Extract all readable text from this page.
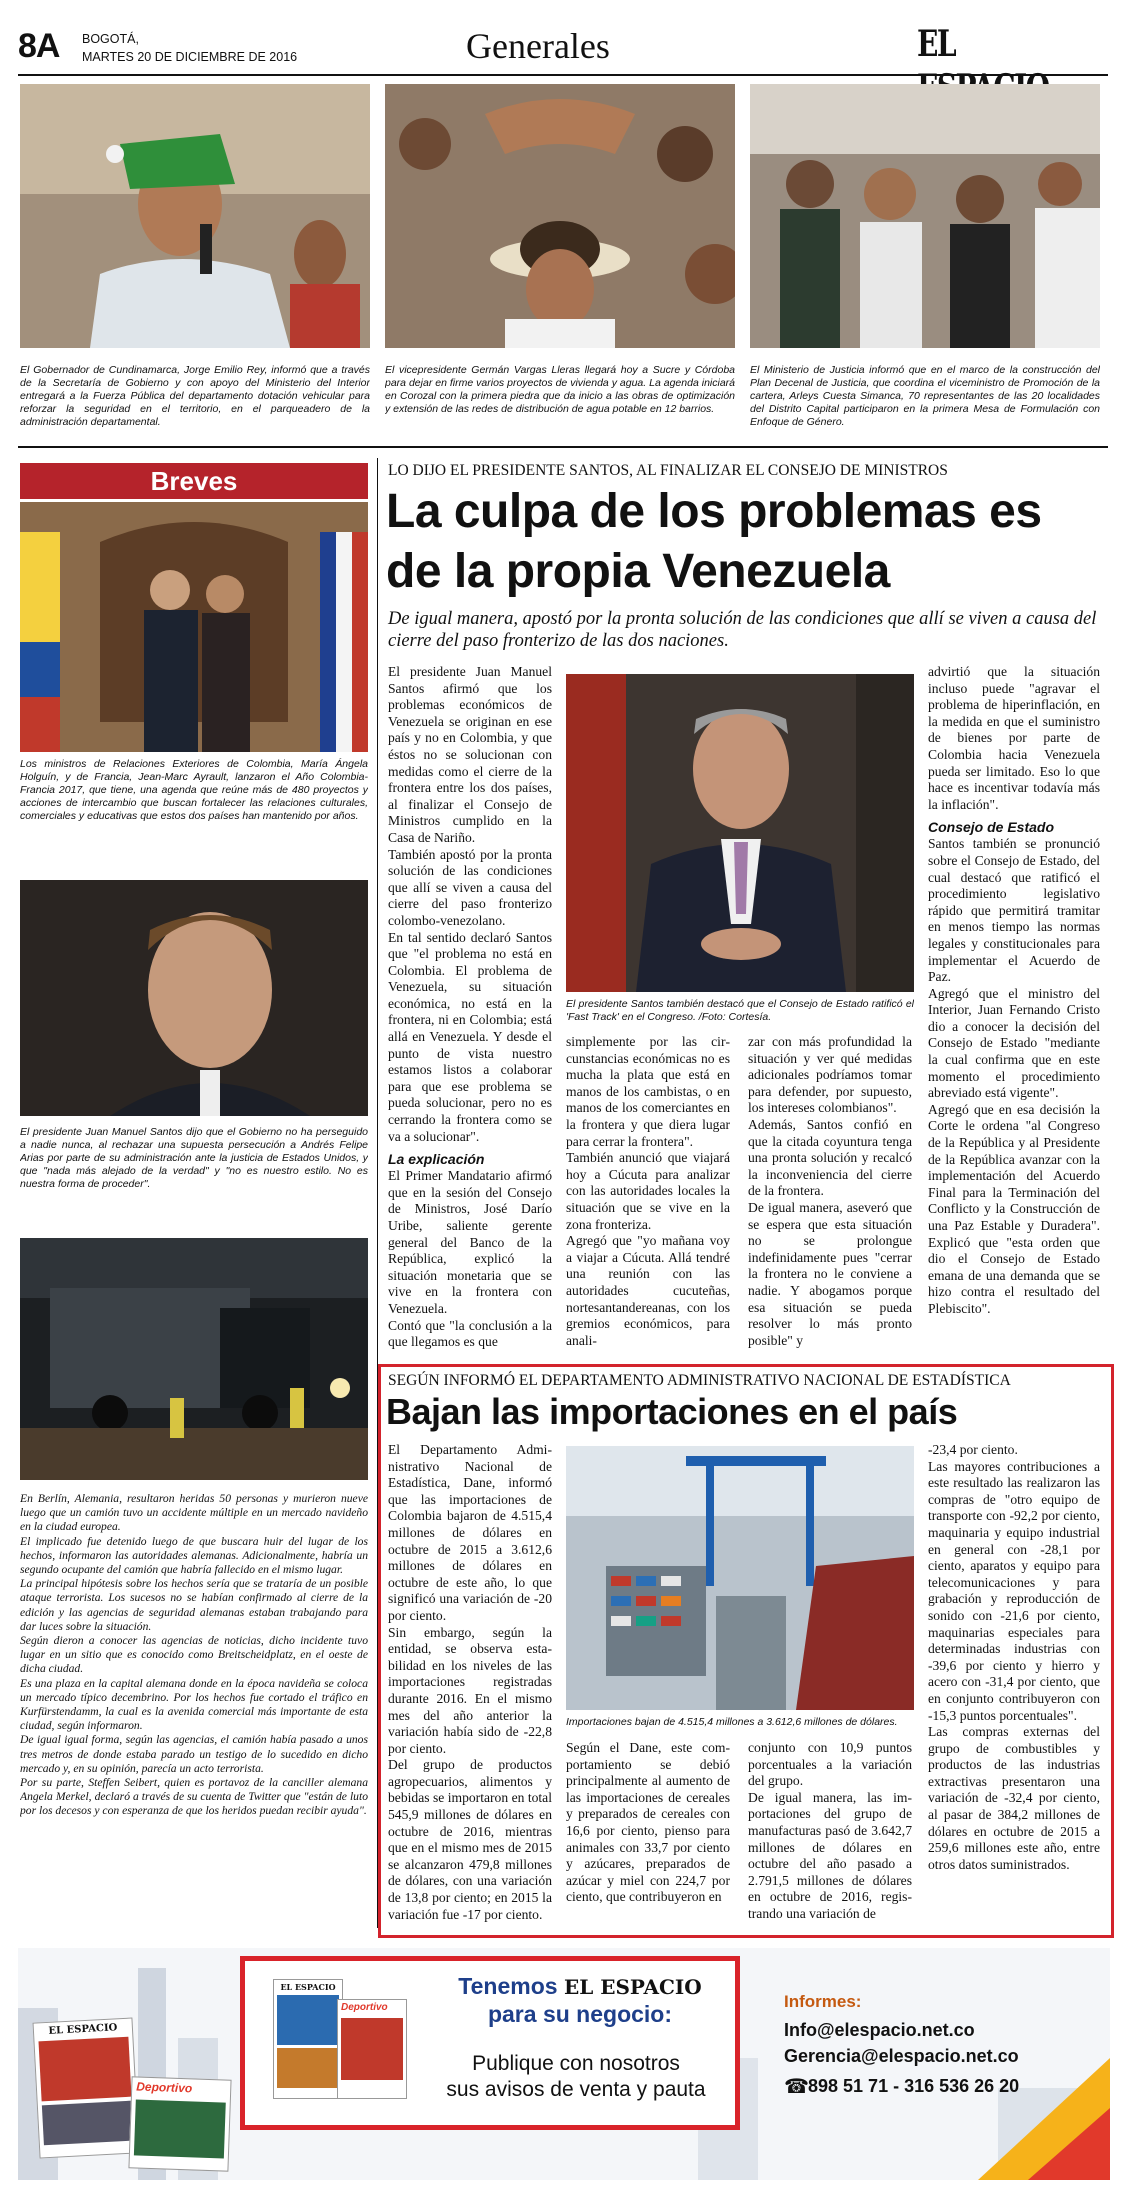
8A BOGOTÁ,
MARTES 20 DE DICIEMBRE DE 2016	Generales	EL
El Gobernador de Cundinamarca, Jorge Emilio Rey, informó que a través de la Secretaría de Gobierno y con apoyo del Ministerio del Interior entregará a la Fuerza Pública del departamento dotación vehicular para reforzar la seguridad en el territorio, en el parqueadero de la administración departamental.
El vicepresidente Germán Vargas Lleras llegará hoy a Sucre y Córdoba para dejar en firme varios proyectos de vivienda y agua. La agenda iniciará en Corozal con la primera piedra que da inicio a las obras de optimización y extensión de las redes de distribución de agua potable en 12 barrios.
El Ministerio de Justicia informó que en el marco de la construcción del Plan Decenal de Justicia, que coordina el viceministro de Promoción de la cartera, Arleys Cuesta Simanca, 70 representantes de las 20 localidades del Distrito Capital participaron en la primera Mesa de Formulación con Enfoque de Género.
Breves
Los ministros de Relaciones Exteriores de Colombia, María Ángela Holguín, y de Francia, Jean-Marc Ayrault, lanzaron el Año Colombia-Francia 2017, que tiene, una agenda que reúne más de 480 proyectos y acciones de intercambio que buscan fortalecer las relaciones culturales, comerciales y educativas que estos dos países han mantenido por años.
El presidente Juan Manuel Santos dijo que el Gobierno no ha perseguido a nadie nunca, al rechazar una supuesta persecución a Andrés Felipe Arias por parte de su administración ante la justicia de Estados Unidos, y que "nada más alejado de la verdad" y "no es nuestro estilo. No es nuestra forma de proceder".

En Berlín, Alemania, resultaron heridas 50 personas y murieron nueve luego que un camión tuvo un accidente múltiple en un mercado navideño en la ciudad europea.

El implicado fue detenido luego de que buscara huir del lugar de los hechos, informaron las autoridades alemanas. Adicionalmente, habría un segundo ocupante del camión que habría fallecido en el mismo lugar.

La principal hipótesis sobre los hechos sería que se trataría de un posible ataque terrorista. Los sucesos no se habían confirmado al cierre de la edición y las agencias de seguridad alemanas estaban trabajando para dar luces sobre la situación.

Según dieron a conocer las agencias de noticias, dicho incidente tuvo lugar en un sitio que es conocido como Breitscheidplatz, en el oeste de dicha ciudad.

Es una plaza en la capital alemana donde en la época navideña se coloca un mercado típico decembrino. Por los hechos fue cortado el tráfico en Kurfürstendamm, la cual es la avenida comercial más importante de esta ciudad, según informaron.

De igual igual forma, según las agencias, el camión había pasado a unos tres metros de donde estaba parado un testigo de lo sucedido en dicho mercado y, en su opinión, parecía un acto terrorista.

Por su parte, Steffen Seibert, quien es portavoz de la canciller alemana Angela Merkel, declaró a través de su cuenta de Twitter que "están de luto por los decesos y con esperanza de que los heridos puedan recibir ayuda".

LO DIJO EL PRESIDENTE SANTOS, AL FINALIZAR EL CONSEJO DE MINISTROS
La culpa de los problemas es de la propia Venezuela
De igual manera, apostó por la pronta solución de las condiciones que allí se viven a causa del cierre del paso fronterizo de las dos naciones.

El presidente Juan Manuel Santos afirmó que los problemas económicos de Venezuela se originan en ese país y no en Colombia, y que éstos no se solucionan con medidas como el cierre de la frontera entre los dos países, al finalizar el Consejo de Ministros cumplido en la Casa de Nariño.

También apostó por la pronta solución de las condiciones que allí se viven a causa del cierre del paso fronterizo colombo-venezolano.

En tal sentido declaró Santos que "el problema no está en Colombia. El problema de Venezuela, su situación económica, no está en la frontera, ni en Colombia; está allá en Venezuela. Y desde el punto de vista nuestro estamos listos a colaborar para que ese problema se pueda solucionar, pero no es cerrando la frontera como se va a solucionar".

La explicación

El Primer Mandatario afirmó que en la sesión del Consejo de Ministros, José Darío Uribe, saliente gerente general del Banco de la República, explicó la situación monetaria que se vive en la frontera con Venezuela.

Contó que "la conclusión a la que llegamos es que

El presidente Santos también destacó que el Consejo de Estado ratificó el 'Fast Track' en el Congreso. /Foto: Cortesía.

simplemente por las circunstancias económicas no es mucha la plata que está en manos de los cambistas, o en manos de los comerciantes en la frontera y que diera lugar para cerrar la frontera".

También anunció que viajará hoy a Cúcuta para analizar con las autoridades locales la situación que se vive en la zona fronteriza.

Agregó que "yo mañana voy a viajar a Cúcuta. Allá tendré una reunión con las autoridades cucuteñas, nortesantandereanas, con los gremios económicos, para anali-

zar con más profundidad la situación y ver qué medidas adicionales podríamos tomar para defender, por supuesto, los intereses colombianos".

Además, Santos confió en que la citada coyuntura tenga una pronta solución y recalcó la inconveniencia del cierre de la frontera.

De igual manera, aseveró que se espera que esta situación no se prolongue indefinidamente pues "cerrar la frontera no le conviene a nadie. Y abogamos porque esa situación se pueda resolver lo más pronto posible" y

advirtió que la situación incluso puede "agravar el problema de hiperinflación, en la medida en que el suministro de bienes por parte de Colombia hacia Venezuela pueda ser limitado. Eso lo que hace es incentivar todavía más la inflación".

Consejo de Estado

Santos también se pronunció sobre el Consejo de Estado, del cual destacó que ratificó el procedimiento legislativo rápido que permitirá tramitar en menos tiempo las normas legales y constitucionales para implementar el Acuerdo de Paz.

Agregó que el ministro del Interior, Juan Fernando Cristo dio a conocer la decisión del Consejo de Estado "mediante la cual confirma que en este momento el procedimiento abreviado está vigente".

Agregó que en esa decisión la Corte le ordena "al Congreso de la República y al Presidente de la República avanzar con la implementación del Acuerdo Final para la Terminación del Conflicto y la Construcción de una Paz Estable y Duradera". Explicó que "esta orden que dio el Consejo de Estado emana de una demanda que se hizo contra el resultado del Plebiscito".

SEGÚN INFORMÓ EL DEPARTAMENTO ADMINISTRATIVO NACIONAL DE ESTADÍSTICA
Bajan las importaciones en el país

El Departamento Administrativo Nacional de Estadística, Dane, informó que las importaciones de Colombia bajaron de 4.515,4 millones de dólares en octubre de 2015 a 3.612,6 millones de dólares en octubre de este año, lo que significó una variación de -20 por ciento.

Sin embargo, según la entidad, se observa estabilidad en los niveles de las importaciones registradas durante 2016. En el mismo mes del año anterior la variación había sido de -22,8 por ciento.

Del grupo de productos agropecuarios, alimentos y bebidas se importaron en total 545,9 millones de dólares en octubre de 2016, mientras que en el mismo mes de 2015 se alcanzaron 479,8 millones de dólares, con una variación de 13,8 por ciento; en 2015 la variación fue -17 por ciento.

Importaciones bajan de 4.515,4 millones a 3.612,6 millones de dólares.

Según el Dane, este comportamiento se debió principalmente al aumento de las importaciones de cereales y preparados de cereales con 16,6 por ciento, pienso para animales con 33,7 por ciento y azúcares, preparados de azúcar y miel con 224,7 por ciento, que contribuyeron en

conjunto con 10,9 puntos porcentuales a la variación del grupo.

De igual manera, las importaciones del grupo de manufacturas pasó de 3.642,7 millones de dólares en octubre del año pasado a 2.791,5 millones de dólares en octubre de 2016, registrando una variación de

-23,4 por ciento.

Las mayores contribuciones a este resultado las realizaron las compras de "otro equipo de transporte con -92,2 por ciento, maquinaria y equipo industrial en general con -28,1 por ciento, aparatos y equipo para telecomunicaciones y para grabación y reproducción de sonido con -21,6 por ciento, maquinarias especiales para determinadas industrias con -39,6 por ciento y hierro y acero con -31,4 por ciento, que en conjunto contribuyeron con -15,3 puntos porcentuales".

Las compras externas del grupo de combustibles y productos de las industrias extractivas presentaron una variación de -32,4 por ciento, al pasar de 384,2 millones de dólares en octubre de 2015 a 259,6 millones este año, entre otros datos suministrados.

EL ESPACIO
Deportivo
EL ESPACIO
Deportivo
Tenemos EL ESPACIO
para su negocio:
Publique con nosotros
sus avisos de venta y pauta
Informes:
Info@elespacio.net.co
Gerencia@elespacio.net.co
☎ 898 51 71 - 316 536 26 20
